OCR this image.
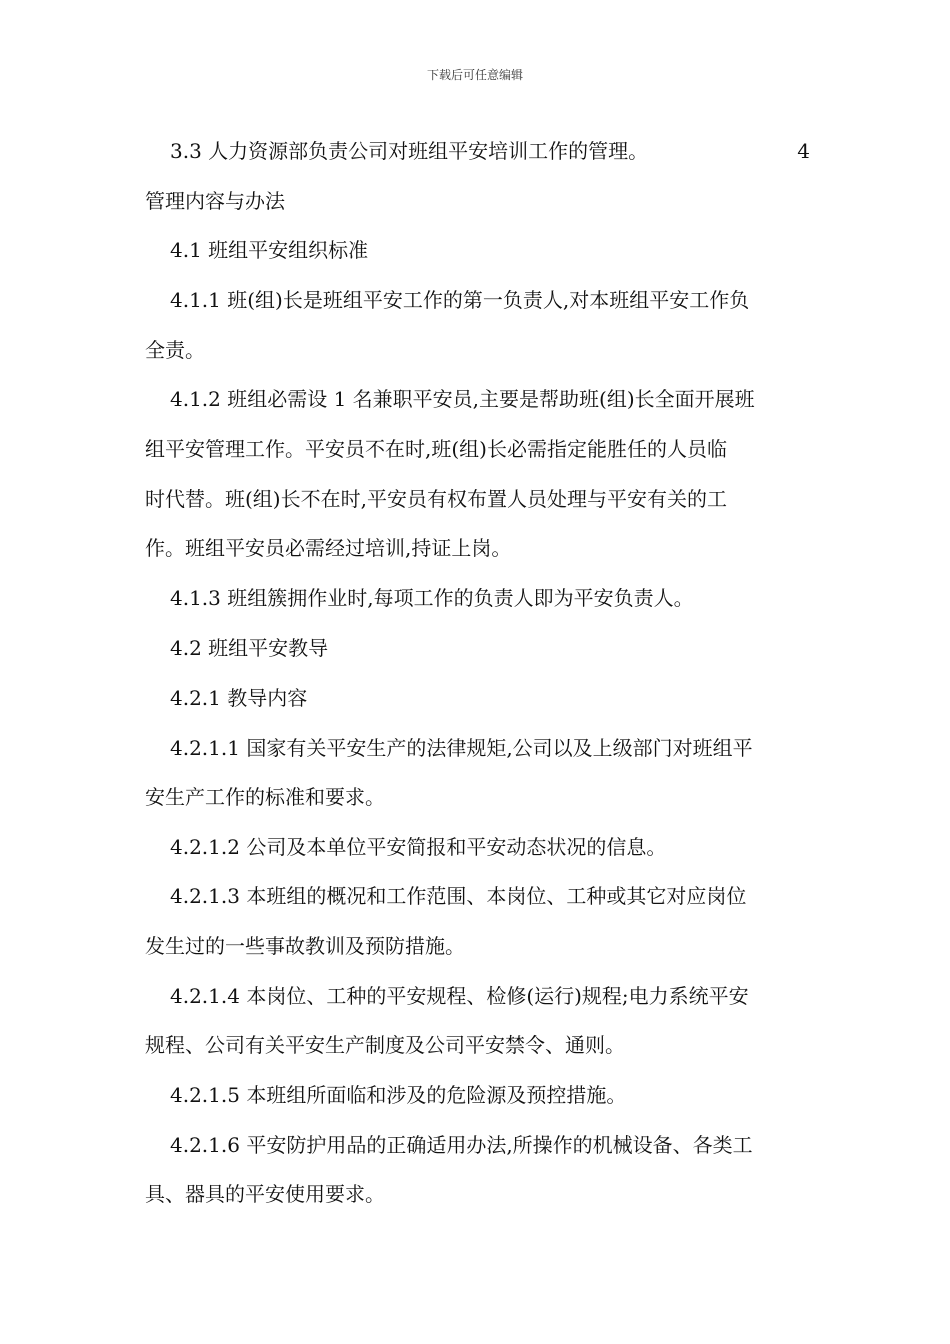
下载后可任意编辑
3.3 人力资源部负责公司对班组平安培训工作的管理。	4
管理内容与办法
4.1 班组平安组织标准
4.1.1 班(组)长是班组平安工作的第一负责人,对本班组平安工作负
全责。
4.1.2 班组必需设 1 名兼职平安员,主要是帮助班(组)长全面开展班
组平安管理工作。平安员不在时,班(组)长必需指定能胜任的人员临
时代替。班(组)长不在时,平安员有权布置人员处理与平安有关的工
作。班组平安员必需经过培训,持证上岗。
4.1.3 班组簇拥作业时,每项工作的负责人即为平安负责人。
4.2 班组平安教导
4.2.1 教导内容
4.2.1.1 国家有关平安生产的法律规矩,公司以及上级部门对班组平
安生产工作的标准和要求。
4.2.1.2 公司及本单位平安简报和平安动态状况的信息。
4.2.1.3 本班组的概况和工作范围、本岗位、工种或其它对应岗位
发生过的一些事故教训及预防措施。
4.2.1.4 本岗位、工种的平安规程、检修(运行)规程;电力系统平安
规程、公司有关平安生产制度及公司平安禁令、通则。
4.2.1.5 本班组所面临和涉及的危险源及预控措施。
4.2.1.6 平安防护用品的正确适用办法,所操作的机械设备、各类工
具、器具的平安使用要求。
